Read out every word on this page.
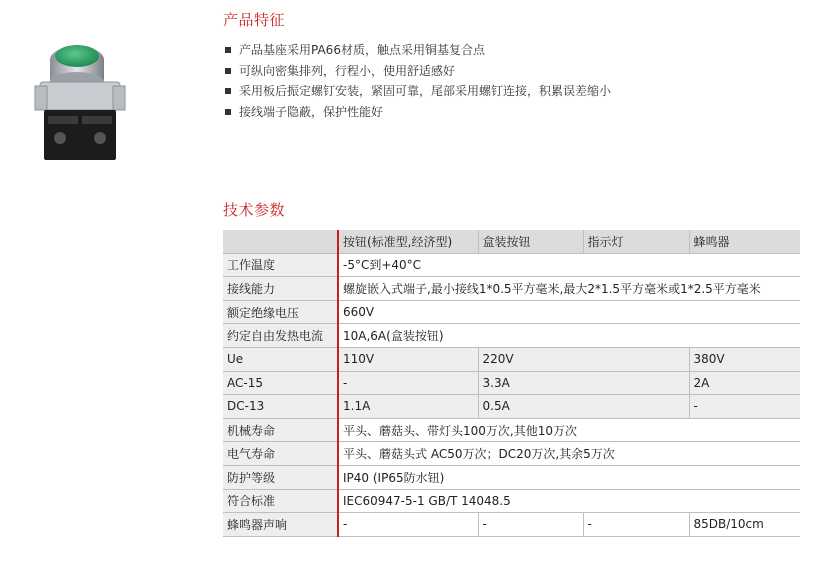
产品特征
产品基座采用PA66材质，触点采用铜基复合点
可纵向密集排列，行程小，使用舒适感好
采用板后振定螺钉安装，紧固可靠，尾部采用螺钉连接，积累误差缩小
接线端子隐蔽，保护性能好
技术参数
	按钮(标准型,经济型)	盒装按钮	指示灯	蜂鸣器
工作温度	-5°C到+40°C			
接线能力	螺旋嵌入式端子,最小接线1*0.5平方毫米,最大2*1.5平方毫米或1*2.5平方毫米			
额定绝缘电压	660V			
约定自由发热电流	10A,6A(盒装按钮)			
Ue	110V	220V		380V
AC-15	-	3.3A		2A
DC-13	1.1A	0.5A		-
机械寿命	平头、蘑菇头、带灯头100万次,其他10万次			
电气寿命	平头、蘑菇头式 AC50万次；DC20万次,其余5万次			
防护等级	IP40 (IP65防水钮)			
符合标准	IEC60947-5-1 GB/T 14048.5			
蜂鸣器声响	-	-	-	85DB/10cm
